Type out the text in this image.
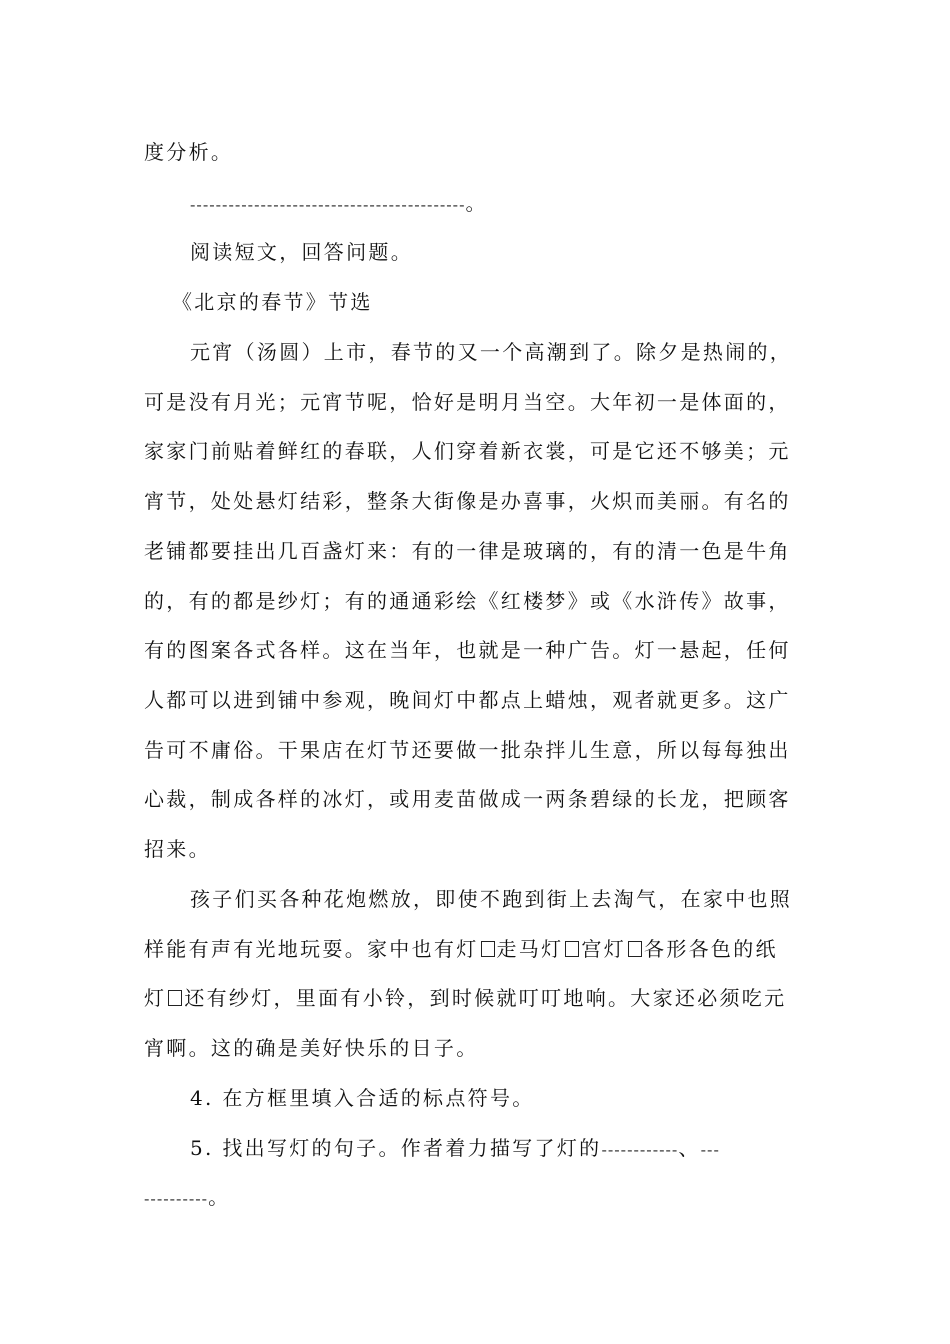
度分析。
-------------------------------------------。
阅读短文，回答问题。
《北京的春节》节选
元宵（汤圆）上市，春节的又一个高潮到了。除夕是热闹的，
可是没有月光；元宵节呢，恰好是明月当空。大年初一是体面的，
家家门前贴着鲜红的春联，人们穿着新衣裳，可是它还不够美；元
宵节，处处悬灯结彩，整条大街像是办喜事，火炽而美丽。有名的
老铺都要挂出几百盏灯来：有的一律是玻璃的，有的清一色是牛角
的，有的都是纱灯；有的通通彩绘《红楼梦》或《水浒传》故事，
有的图案各式各样。这在当年，也就是一种广告。灯一悬起，任何
人都可以进到铺中参观，晚间灯中都点上蜡烛，观者就更多。这广
告可不庸俗。干果店在灯节还要做一批杂拌儿生意，所以每每独出
心裁，制成各样的冰灯，或用麦苗做成一两条碧绿的长龙，把顾客
招来。
孩子们买各种花炮燃放，即使不跑到街上去淘气，在家中也照
样能有声有光地玩耍。家中也有灯 走马灯 宫灯 各形各色的纸
灯 还有纱灯，里面有小铃，到时候就叮叮地响。大家还必须吃元
宵啊。这的确是美好快乐的日子。
4. 在方框里填入合适的标点符号。
5. 找出写灯的句子。作者着力描写了灯的------------、---
----------。
